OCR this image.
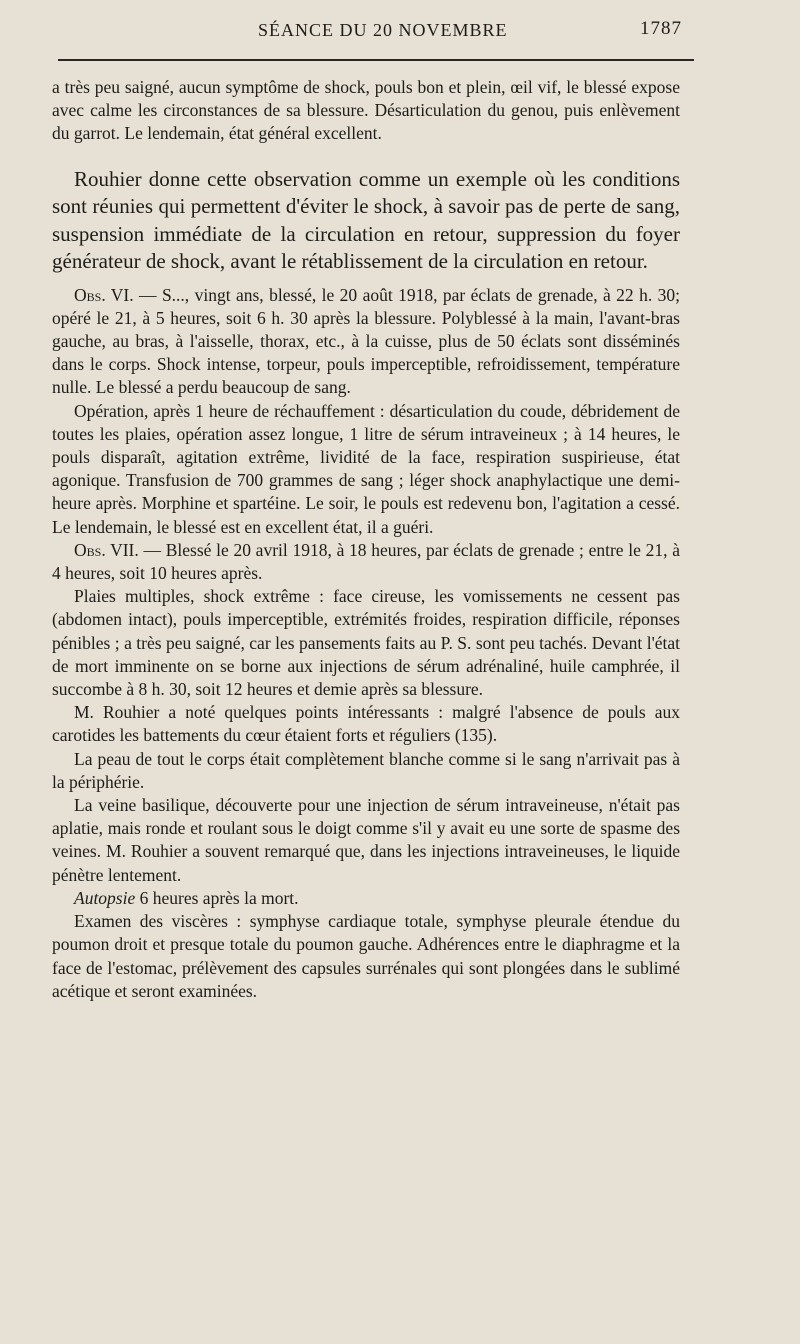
SÉANCE DU 20 NOVEMBRE	1787

a très peu saigné, aucun symptôme de shock, pouls bon et plein, œil vif, le blessé expose avec calme les circonstances de sa blessure. Désarticulation du genou, puis enlèvement du garrot. Le lendemain, état général excellent.

Rouhier donne cette observation comme un exemple où les conditions sont réunies qui permettent d'éviter le shock, à savoir pas de perte de sang, suspension immédiate de la circulation en retour, suppression du foyer générateur de shock, avant le rétablissement de la circulation en retour.

Obs. VI. — S..., vingt ans, blessé, le 20 août 1918, par éclats de grenade, à 22 h. 30; opéré le 21, à 5 heures, soit 6 h. 30 après la blessure. Polyblessé à la main, l'avant-bras gauche, au bras, à l'aisselle, thorax, etc., à la cuisse, plus de 50 éclats sont disséminés dans le corps. Shock intense, torpeur, pouls imperceptible, refroidissement, température nulle. Le blessé a perdu beaucoup de sang.

Opération, après 1 heure de réchauffement : désarticulation du coude, débridement de toutes les plaies, opération assez longue, 1 litre de sérum intraveineux ; à 14 heures, le pouls disparaît, agitation extrême, lividité de la face, respiration suspirieuse, état agonique. Transfusion de 700 grammes de sang ; léger shock anaphylactique une demi-heure après. Morphine et spartéine. Le soir, le pouls est redevenu bon, l'agitation a cessé. Le lendemain, le blessé est en excellent état, il a guéri.

Obs. VII. — Blessé le 20 avril 1918, à 18 heures, par éclats de grenade ; entre le 21, à 4 heures, soit 10 heures après.

Plaies multiples, shock extrême : face cireuse, les vomissements ne cessent pas (abdomen intact), pouls imperceptible, extrémités froides, respiration difficile, réponses pénibles ; a très peu saigné, car les pansements faits au P. S. sont peu tachés. Devant l'état de mort imminente on se borne aux injections de sérum adrénaliné, huile camphrée, il succombe à 8 h. 30, soit 12 heures et demie après sa blessure.

M. Rouhier a noté quelques points intéressants : malgré l'absence de pouls aux carotides les battements du cœur étaient forts et réguliers (135).

La peau de tout le corps était complètement blanche comme si le sang n'arrivait pas à la périphérie.

La veine basilique, découverte pour une injection de sérum intraveineuse, n'était pas aplatie, mais ronde et roulant sous le doigt comme s'il y avait eu une sorte de spasme des veines. M. Rouhier a souvent remarqué que, dans les injections intraveineuses, le liquide pénètre lentement.

Autopsie 6 heures après la mort.

Examen des viscères : symphyse cardiaque totale, symphyse pleurale étendue du poumon droit et presque totale du poumon gauche. Adhérences entre le diaphragme et la face de l'estomac, prélèvement des capsules surrénales qui sont plongées dans le sublimé acétique et seront examinées.
